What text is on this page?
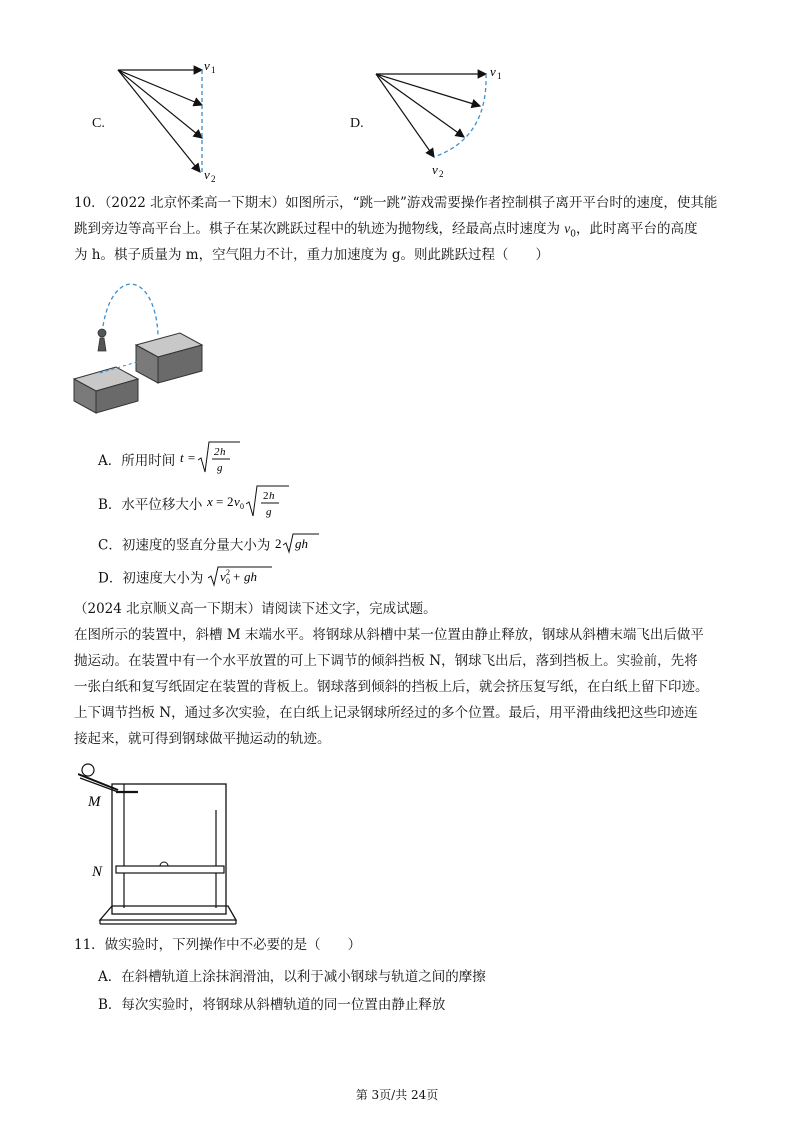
C.
v 1
v 2
D.
v 1
v 2
10．（2022 北京怀柔高一下期末）如图所示，“跳一跳”游戏需要操作者控制棋子离开平台时的速度，使其能
跳到旁边等高平台上。棋子在某次跳跃过程中的轨迹为抛物线，经最高点时速度为 $v_0$，此时离平台的高度
为 h。棋子质量为 m，空气阻力不计，重力加速度为 g。则此跳跃过程（　　）
A．所用时间 t = 2 h
g
B．水平位移大小 x = 2 v 0
2 h
g
C．初速度的竖直分量大小为 2 gh
D．初速度大小为 v 0
2 + gh
（2024 北京顺义高一下期末）请阅读下述文字，完成试题。
在图所示的装置中，斜槽 M 末端水平。将钢球从斜槽中某一位置由静止释放，钢球从斜槽末端飞出后做平
抛运动。在装置中有一个水平放置的可上下调节的倾斜挡板 N，钢球飞出后，落到挡板上。实验前，先将
一张白纸和复写纸固定在装置的背板上。钢球落到倾斜的挡板上后，就会挤压复写纸，在白纸上留下印迹。
上下调节挡板 N，通过多次实验，在白纸上记录钢球所经过的多个位置。最后，用平滑曲线把这些印迹连
接起来，就可得到钢球做平抛运动的轨迹。
M
N
11．做实验时，下列操作中不必要的是（　　）
A．在斜槽轨道上涂抹润滑油，以利于减小钢球与轨道之间的摩擦
B．每次实验时，将钢球从斜槽轨道的同一位置由静止释放
第 3页/共 24页
